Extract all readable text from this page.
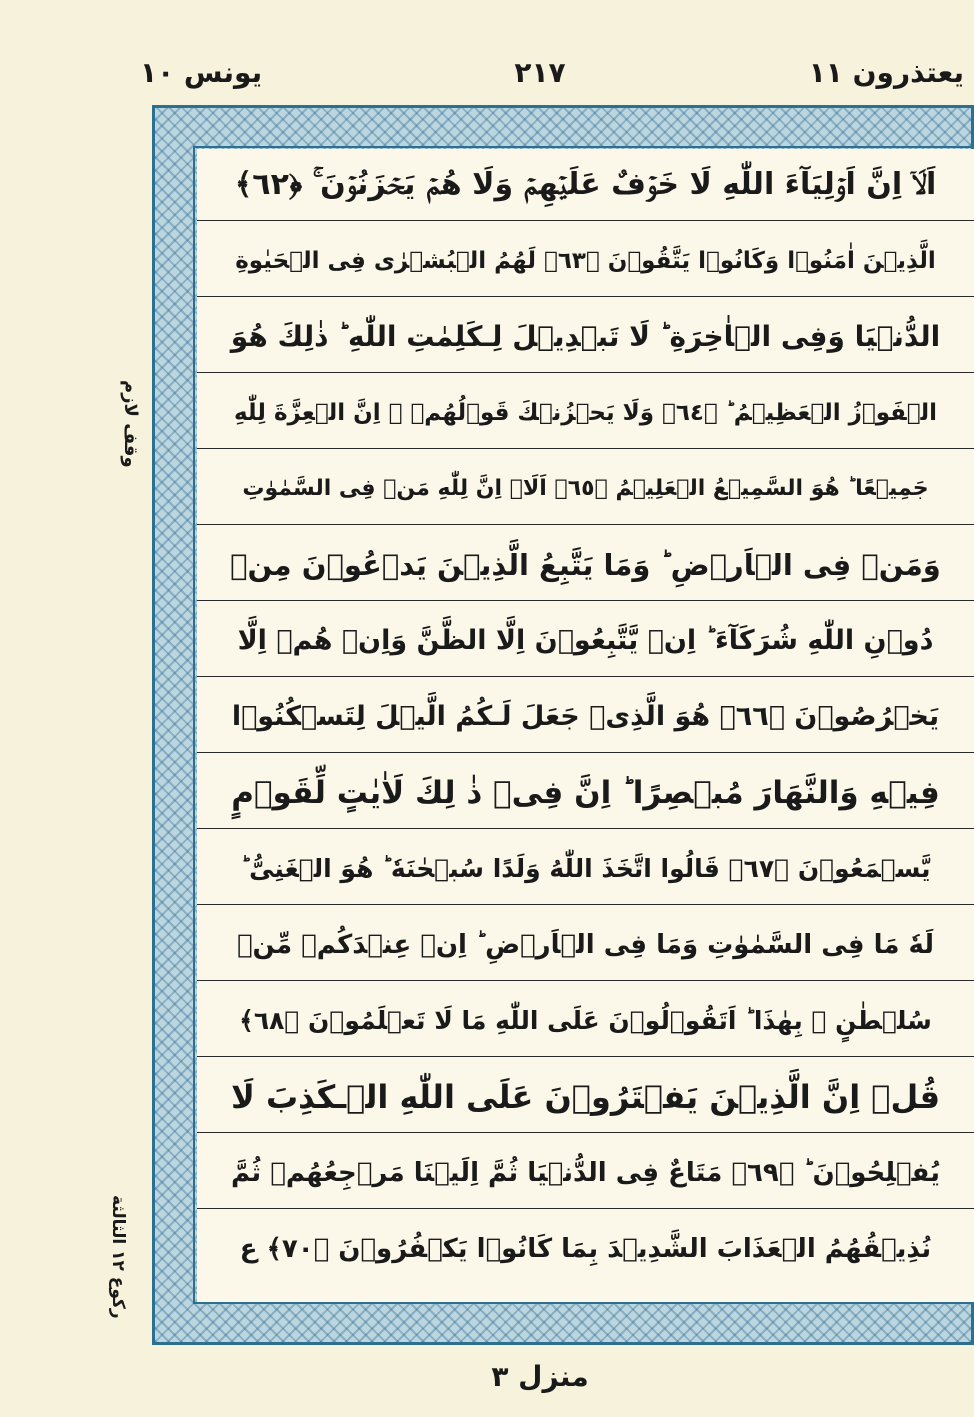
يعتذرون ١١
٢١٧
يونس ١٠
وقف لازم
ركوع ١٢ الثالثة
اَلَاۤ اِنَّ اَوۡلِيَآءَ اللّٰهِ لَا خَوۡفٌ عَلَيۡهِمۡ وَلَا هُمۡ يَحۡزَنُوۡنَ ۚ ﴿٦٢﴾
الَّذِيۡنَ اٰمَنُوۡا وَكَانُوۡا يَتَّقُوۡنَ ﴿٦٣﴾ لَهُمُ الۡبُشۡرٰى فِى الۡحَيٰوةِ
الدُّنۡيَا وَفِى الۡاٰخِرَةِ ؕ لَا تَبۡدِيۡلَ لِـكَلِمٰتِ اللّٰهِ ؕ ذٰلِكَ هُوَ
الۡفَوۡزُ الۡعَظِيۡمُ ؕ ﴿٦٤﴾ وَلَا يَحۡزُنۡكَ قَوۡلُهُمۡ ۘ اِنَّ الۡعِزَّةَ لِلّٰهِ
جَمِيۡعًا ؕ هُوَ السَّمِيۡعُ الۡعَلِيۡمُ ﴿٦٥﴾ اَلَاۤ اِنَّ لِلّٰهِ مَنۡ فِى السَّمٰوٰتِ
وَمَنۡ فِى الۡاَرۡضِ ؕ وَمَا يَتَّبِعُ الَّذِيۡنَ يَدۡعُوۡنَ مِنۡ
دُوۡنِ اللّٰهِ شُرَكَآءَ ؕ اِنۡ يَّتَّبِعُوۡنَ اِلَّا الظَّنَّ وَاِنۡ هُمۡ اِلَّا
يَخۡرُصُوۡنَ ﴿٦٦﴾ هُوَ الَّذِىۡ جَعَلَ لَـكُمُ الَّيۡلَ لِتَسۡكُنُوۡا
فِيۡهِ وَالنَّهَارَ مُبۡصِرًا ؕ اِنَّ فِىۡ ذٰ لِكَ لَاٰيٰتٍ لِّقَوۡمٍ
يَّسۡمَعُوۡنَ ﴿٦٧﴾ قَالُوا اتَّخَذَ اللّٰهُ وَلَدًا سُبۡحٰنَهٗ ؕ هُوَ الۡغَنِىُّ ؕ
لَهٗ مَا فِى السَّمٰوٰتِ وَمَا فِى الۡاَرۡضِ ؕ اِنۡ عِنۡدَكُمۡ مِّنۡ
سُلۡطٰنٍ ۢ بِهٰذَا ؕ اَتَقُوۡلُوۡنَ عَلَى اللّٰهِ مَا لَا تَعۡلَمُوۡنَ ﴿٦٨﴾
قُلۡ اِنَّ الَّذِيۡنَ يَفۡتَرُوۡنَ عَلَى اللّٰهِ الۡـكَذِبَ لَا
يُفۡلِحُوۡنَ ؕ ﴿٦٩﴾ مَتَاعٌ فِى الدُّنۡيَا ثُمَّ اِلَيۡنَا مَرۡجِعُهُمۡ ثُمَّ
نُذِيۡقُهُمُ الۡعَذَابَ الشَّدِيۡدَ بِمَا كَانُوۡا يَكۡفُرُوۡنَ ﴿٧٠﴾ ع
منزل ٣
